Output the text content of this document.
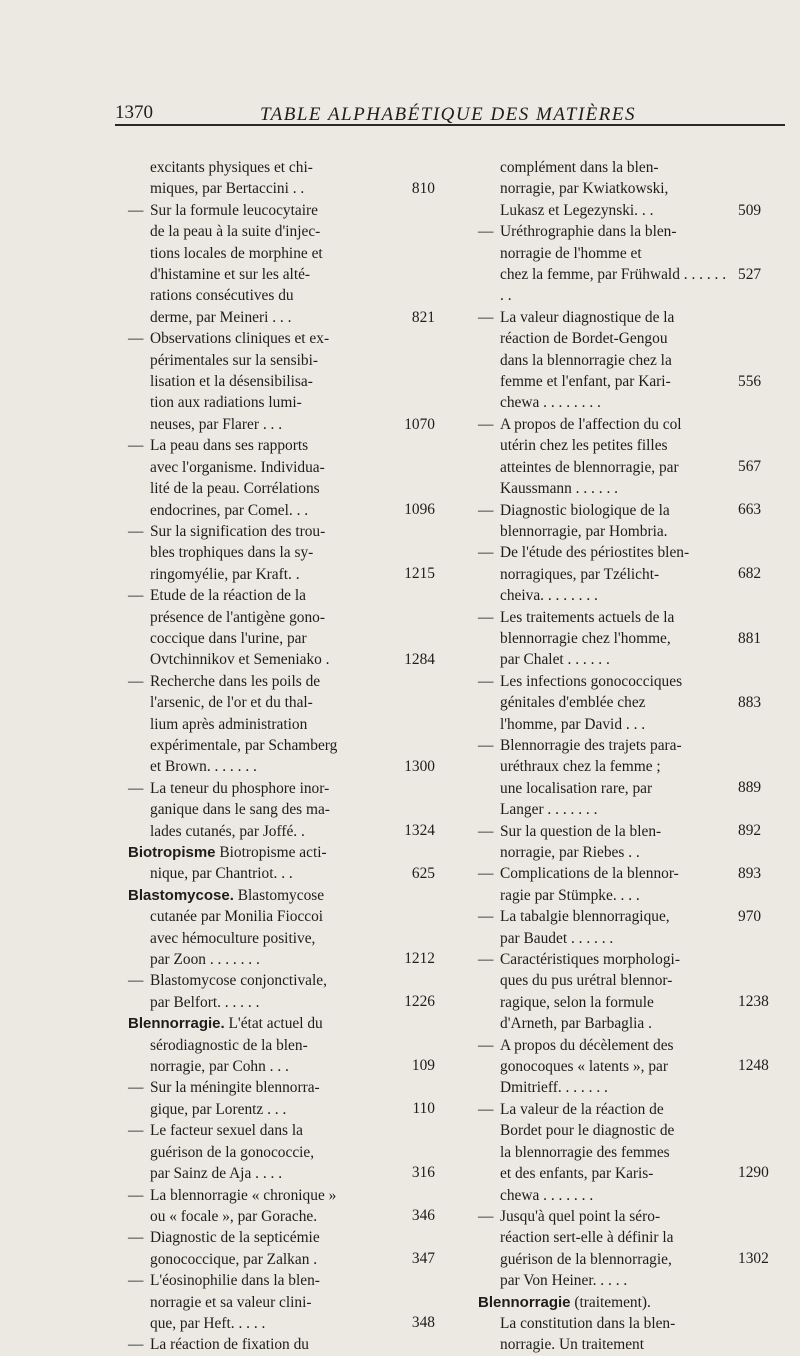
1370	TABLE ALPHABÉTIQUE DES MATIÈRES

excitants physiques et chi-

miques, par Bertaccini . .

— Sur la formule leucocytaire

de la peau à la suite d'injec-

tions locales de morphine et

d'histamine et sur les alté-

rations consécutives du

derme, par Meineri . . .

— Observations cliniques et ex-

périmentales sur la sensibi-

lisation et la désensibilisa-

tion aux radiations lumi-

neuses, par Flarer . . .

— La peau dans ses rapports

avec l'organisme. Individua-

lité de la peau. Corrélations

endocrines, par Comel. . .

— Sur la signification des trou-

bles trophiques dans la sy-

ringomyélie, par Kraft. .

— Etude de la réaction de la

présence de l'antigène gono-

coccique dans l'urine, par

Ovtchinnikov et Semeniako .

— Recherche dans les poils de

l'arsenic, de l'or et du thal-

lium après administration

expérimentale, par Schamberg

et Brown. . . . . . .

— La teneur du phosphore inor-

ganique dans le sang des ma-

lades cutanés, par Joffé. .

Biotropisme Biotropisme acti-

nique, par Chantriot. . .

Blastomycose. Blastomycose

cutanée par Monilia Fioccoi

avec hémoculture positive,

par Zoon . . . . . . .

— Blastomycose conjonctivale,

par Belfort. . . . . .

Blennorragie. L'état actuel du

sérodiagnostic de la blen-

norragie, par Cohn . . .

— Sur la méningite blennorra-

gique, par Lorentz . . .

— Le facteur sexuel dans la

guérison de la gonococcie,

par Sainz de Aja . . . .

— La blennorragie « chronique »

ou « focale », par Gorache.

— Diagnostic de la septicémie

gonococcique, par Zalkan .

— L'éosinophilie dans la blen-

norragie et sa valeur clini-

que, par Heft. . . . .

— La réaction de fixation du

810
821
1070
1096
1215
1284
1300
1324
625
1212
1226
109
110
316
346
347
348

complément dans la blen-

norragie, par Kwiatkowski,

Lukasz et Legezynski. . .

— Uréthrographie dans la blen-

norragie de l'homme et

chez la femme, par Frühwald . . . . . . . .

— La valeur diagnostique de la

réaction de Bordet-Gengou

dans la blennorragie chez la

femme et l'enfant, par Kari-

chewa . . . . . . . .

— A propos de l'affection du col

utérin chez les petites filles

atteintes de blennorragie, par

Kaussmann . . . . . .

— Diagnostic biologique de la

blennorragie, par Hombria.

— De l'étude des périostites blen-

norragiques, par Tzélicht-

cheiva. . . . . . . .

— Les traitements actuels de la

blennorragie chez l'homme,

par Chalet . . . . . .

— Les infections gonococciques

génitales d'emblée chez

l'homme, par David . . .

— Blennorragie des trajets para-

uréthraux chez la femme ;

une localisation rare, par

Langer . . . . . . .

— Sur la question de la blen-

norragie, par Riebes . .

— Complications de la blennor-

ragie par Stümpke. . . .

— La tabalgie blennorragique,

par Baudet . . . . . .

— Caractéristiques morphologi-

ques du pus urétral blennor-

ragique, selon la formule

d'Arneth, par Barbaglia .

— A propos du décèlement des

gonocoques « latents », par

Dmitrieff. . . . . . .

— La valeur de la réaction de

Bordet pour le diagnostic de

la blennorragie des femmes

et des enfants, par Karis-

chewa . . . . . . .

— Jusqu'à quel point la séro-

réaction sert-elle à définir la

guérison de la blennorragie,

par Von Heiner. . . . .

Blennorragie (traitement).

La constitution dans la blen-

norragie. Un traitement

509
527
556
567
663
682
881
883
889
892
893
970
1238
1248
1290
1302
